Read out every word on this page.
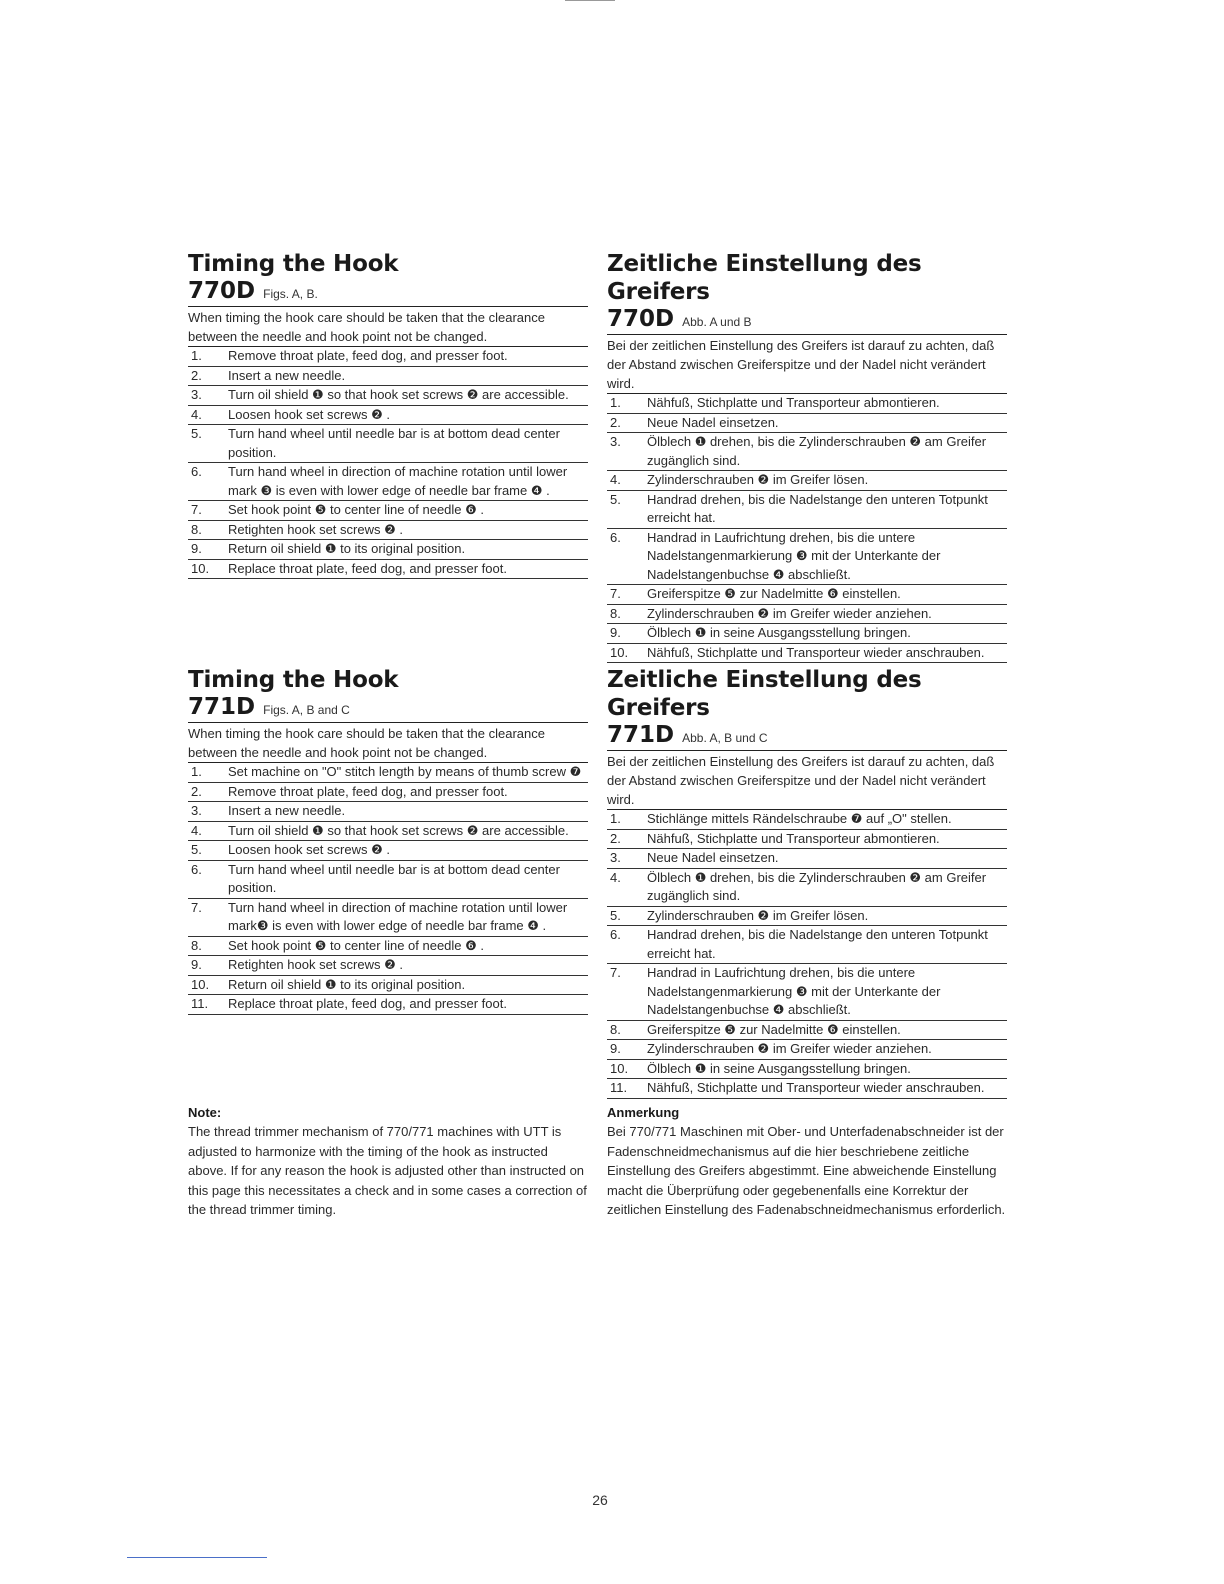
Timing the Hook
770D Figs. A, B.

When timing the hook care should be taken that the clearance between the needle and hook point not be changed.

1.	Remove throat plate, feed dog, and presser foot.
2.	Insert a new needle.
3.	Turn oil shield ❶ so that hook set screws ❷ are accessible.
4.	Loosen hook set screws ❷ .
5.	Turn hand wheel until needle bar is at bottom dead center position.
6.	Turn hand wheel in direction of machine rotation until lower mark ❸ is even with lower edge of needle bar frame ❹ .
7.	Set hook point ❺ to center line of needle ❻ .
8.	Retighten hook set screws ❷ .
9.	Return oil shield ❶ to its original position.
10.	Replace throat plate, feed dog, and presser foot.
Timing the Hook
771D Figs. A, B and C

When timing the hook care should be taken that the clearance between the needle and hook point not be changed.

1.	Set machine on "O" stitch length by means of thumb screw ❼
2.	Remove throat plate, feed dog, and presser foot.
3.	Insert a new needle.
4.	Turn oil shield ❶ so that hook set screws ❷ are accessible.
5.	Loosen hook set screws ❷ .
6.	Turn hand wheel until needle bar is at bottom dead center position.
7.	Turn hand wheel in direction of machine rotation until lower mark❸ is even with lower edge of needle bar frame ❹ .
8.	Set hook point ❺ to center line of needle ❻ .
9.	Retighten hook set screws ❷ .
10.	Return oil shield ❶ to its original position.
11.	Replace throat plate, feed dog, and presser foot.

Note:

The thread trimmer mechanism of 770/771 machines with UTT is adjusted to harmonize with the timing of the hook as instructed above. If for any reason the hook is adjusted other than instructed on this page this necessitates a check and in some cases a correction of the thread trimmer timing.

Zeitliche Einstellung des Greifers
770D Abb. A und B

Bei der zeitlichen Einstellung des Greifers ist darauf zu achten, daß der Abstand zwischen Greiferspitze und der Nadel nicht verändert wird.

1.	Nähfuß, Stichplatte und Transporteur abmontieren.
2.	Neue Nadel einsetzen.
3.	Ölblech ❶ drehen, bis die Zylinderschrauben ❷ am Greifer zugänglich sind.
4.	Zylinderschrauben ❷ im Greifer lösen.
5.	Handrad drehen, bis die Nadelstange den unteren Totpunkt erreicht hat.
6.	Handrad in Laufrichtung drehen, bis die untere Nadelstangenmarkierung ❸ mit der Unterkante der Nadelstangenbuchse ❹ abschließt.
7.	Greiferspitze ❺ zur Nadelmitte ❻ einstellen.
8.	Zylinderschrauben ❷ im Greifer wieder anziehen.
9.	Ölblech ❶ in seine Ausgangsstellung bringen.
10.	Nähfuß, Stichplatte und Transporteur wieder anschrauben.
Zeitliche Einstellung des Greifers
771D Abb. A, B und C

Bei der zeitlichen Einstellung des Greifers ist darauf zu achten, daß der Abstand zwischen Greiferspitze und der Nadel nicht verändert wird.

1.	Stichlänge mittels Rändelschraube ❼ auf „O" stellen.
2.	Nähfuß, Stichplatte und Transporteur abmontieren.
3.	Neue Nadel einsetzen.
4.	Ölblech ❶ drehen, bis die Zylinderschrauben ❷ am Greifer zugänglich sind.
5.	Zylinderschrauben ❷ im Greifer lösen.
6.	Handrad drehen, bis die Nadelstange den unteren Totpunkt erreicht hat.
7.	Handrad in Laufrichtung drehen, bis die untere Nadelstangenmarkierung ❸ mit der Unterkante der Nadelstangenbuchse ❹ abschließt.
8.	Greiferspitze ❺ zur Nadelmitte ❻ einstellen.
9.	Zylinderschrauben ❷ im Greifer wieder anziehen.
10.	Ölblech ❶ in seine Ausgangsstellung bringen.
11.	Nähfuß, Stichplatte und Transporteur wieder anschrauben.

Anmerkung

Bei 770/771 Maschinen mit Ober- und Unterfadenabschneider ist der Fadenschneidmechanismus auf die hier beschriebene zeitliche Einstellung des Greifers abgestimmt. Eine abweichende Einstellung macht die Überprüfung oder gegebenenfalls eine Korrektur der zeitlichen Einstellung des Fadenabschneidmechanismus erforderlich.

26
